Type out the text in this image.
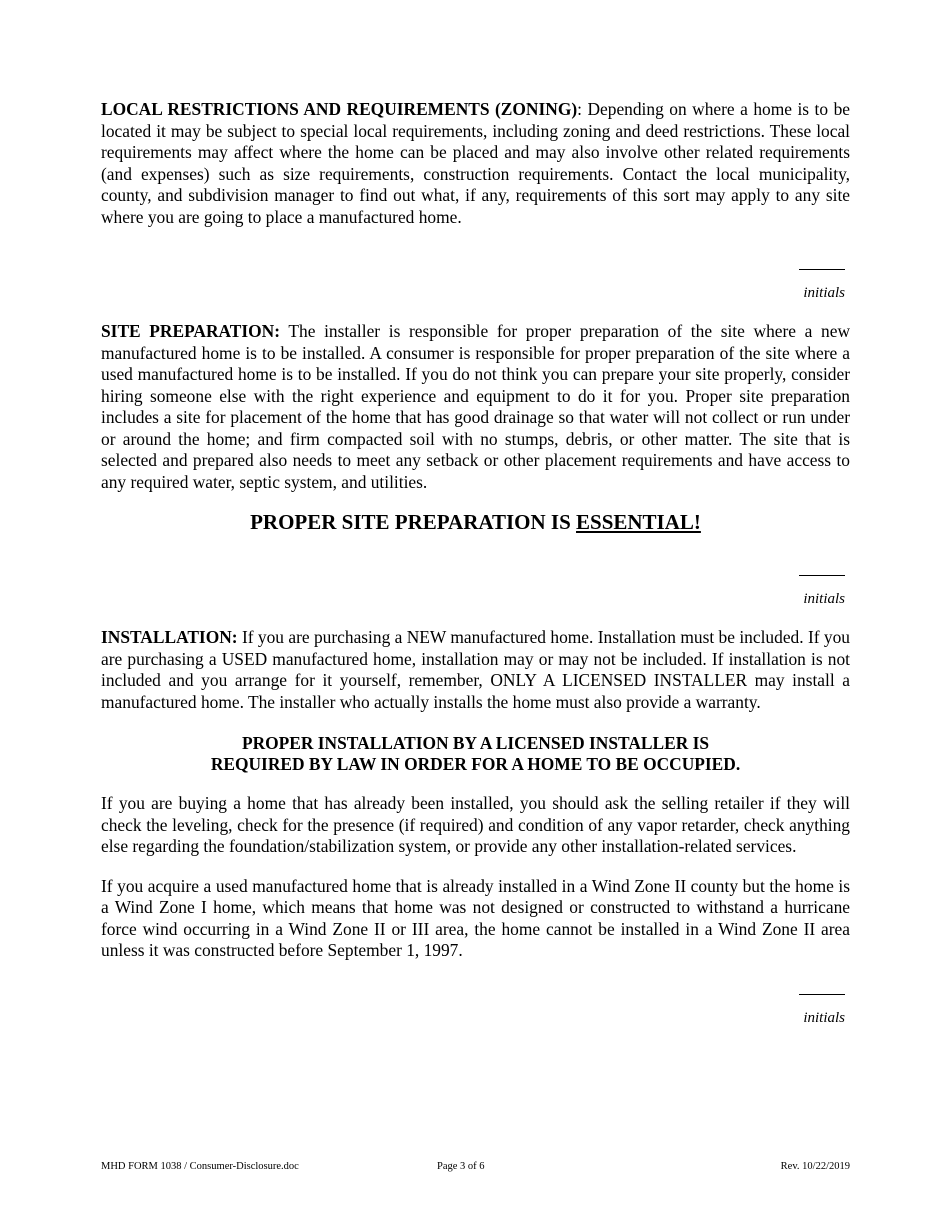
LOCAL RESTRICTIONS AND REQUIREMENTS (ZONING): Depending on where a home is to be located it may be subject to special local requirements, including zoning and deed restrictions. These local requirements may affect where the home can be placed and may also involve other related requirements (and expenses) such as size requirements, construction requirements. Contact the local municipality, county, and subdivision manager to find out what, if any, requirements of this sort may apply to any site where you are going to place a manufactured home.

initials

SITE PREPARATION: The installer is responsible for proper preparation of the site where a new manufactured home is to be installed. A consumer is responsible for proper preparation of the site where a used manufactured home is to be installed. If you do not think you can prepare your site properly, consider hiring someone else with the right experience and equipment to do it for you. Proper site preparation includes a site for placement of the home that has good drainage so that water will not collect or run under or around the home; and firm compacted soil with no stumps, debris, or other matter. The site that is selected and prepared also needs to meet any setback or other placement requirements and have access to any required water, septic system, and utilities.

PROPER SITE PREPARATION IS ESSENTIAL!

initials

INSTALLATION: If you are purchasing a NEW manufactured home. Installation must be included. If you are purchasing a USED manufactured home, installation may or may not be included. If installation is not included and you arrange for it yourself, remember, ONLY A LICENSED INSTALLER may install a manufactured home. The installer who actually installs the home must also provide a warranty.

PROPER INSTALLATION BY A LICENSED INSTALLER IS

REQUIRED BY LAW IN ORDER FOR A HOME TO BE OCCUPIED.

If you are buying a home that has already been installed, you should ask the selling retailer if they will check the leveling, check for the presence (if required) and condition of any vapor retarder, check anything else regarding the foundation/stabilization system, or provide any other installation-related services.

If you acquire a used manufactured home that is already installed in a Wind Zone II county but the home is a Wind Zone I home, which means that home was not designed or constructed to withstand a hurricane force wind occurring in a Wind Zone II or III area, the home cannot be installed in a Wind Zone II area unless it was constructed before September 1, 1997.

initials
MHD FORM 1038 / Consumer-Disclosure.doc	Page 3 of 6	Rev. 10/22/2019
